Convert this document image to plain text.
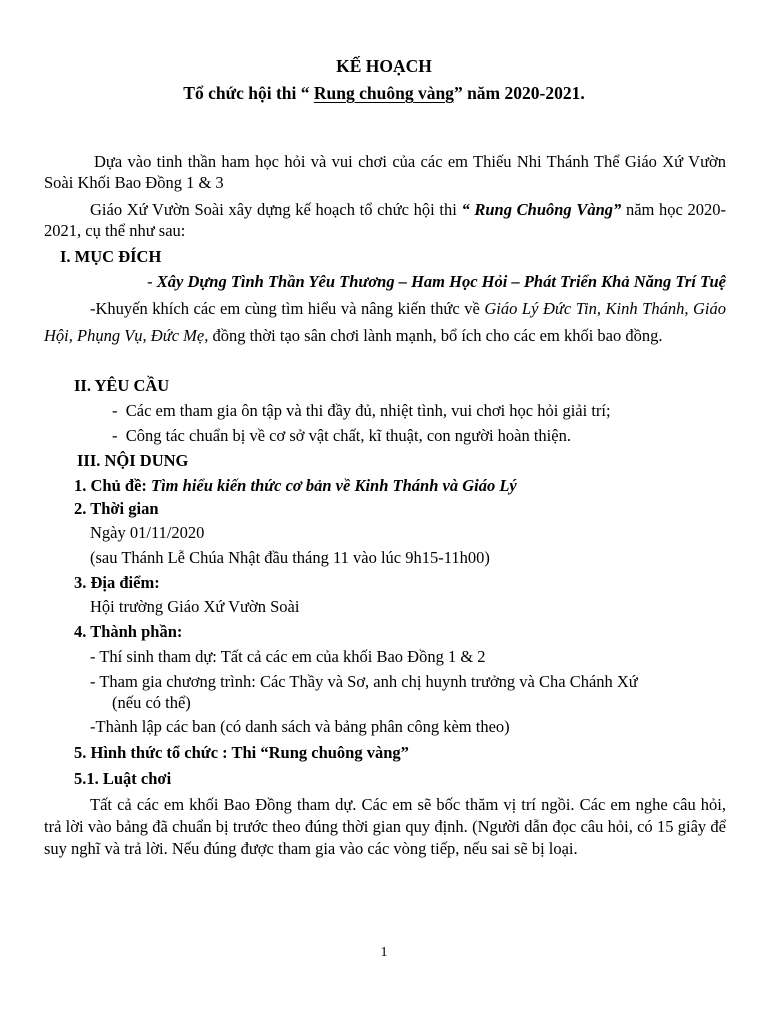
KẾ HOẠCH
Tổ chức hội thi “ Rung chuông vàng” năm 2020-2021.
Dựa vào tinh thần ham học hỏi và vui chơi của các em Thiếu Nhi Thánh Thể Giáo Xứ Vườn Soài Khối Bao Đồng 1 & 3
Giáo Xứ Vườn Soài xây dựng kế hoạch tổ chức hội thi “ Rung Chuông Vàng” năm học 2020-2021, cụ thể như sau:
I. MỤC ĐÍCH
- Xây Dựng Tình Thần Yêu Thương – Ham Học Hỏi – Phát Triển Khả Năng Trí Tuệ
-Khuyến khích các em cùng tìm hiểu và nâng kiến thức về Giáo Lý Đức Tin, Kinh Thánh, Giáo Hội, Phụng Vụ, Đức Mẹ, đồng thời tạo sân chơi lành mạnh, bổ ích cho các em khối bao đồng.
II. YÊU CẦU
-  Các em tham gia ôn tập và thi đầy đủ, nhiệt tình, vui chơi học hỏi giải trí;
-  Công tác chuẩn bị về cơ sở vật chất, kĩ thuật, con người hoàn thiện.
III. NỘI DUNG
1. Chủ đề: Tìm hiểu kiến thức cơ bản về Kinh Thánh và Giáo Lý
2. Thời gian
Ngày 01/11/2020
(sau Thánh Lễ Chúa Nhật đầu tháng 11 vào lúc 9h15-11h00)
3. Địa điểm:
Hội trường Giáo Xứ Vườn Soài
4. Thành phần:
- Thí sinh tham dự: Tất cả các em của khối Bao Đồng 1 & 2
- Tham gia chương trình: Các Thầy và Sơ, anh chị huynh trưởng và Cha Chánh Xứ
(nếu có thể)
-Thành lập các ban (có danh sách và bảng phân công kèm theo)
5. Hình thức tổ chức : Thi “Rung chuông vàng”
5.1. Luật chơi
Tất cả các em khối Bao Đồng tham dự. Các em sẽ bốc thăm vị trí ngồi. Các em nghe câu hỏi, trả lời vào bảng đã chuẩn bị trước theo đúng thời gian quy định. (Người dẫn đọc câu hỏi, có 15 giây để suy nghĩ và trả lời. Nếu đúng được tham gia vào các vòng tiếp, nếu sai sẽ bị loại.
1
